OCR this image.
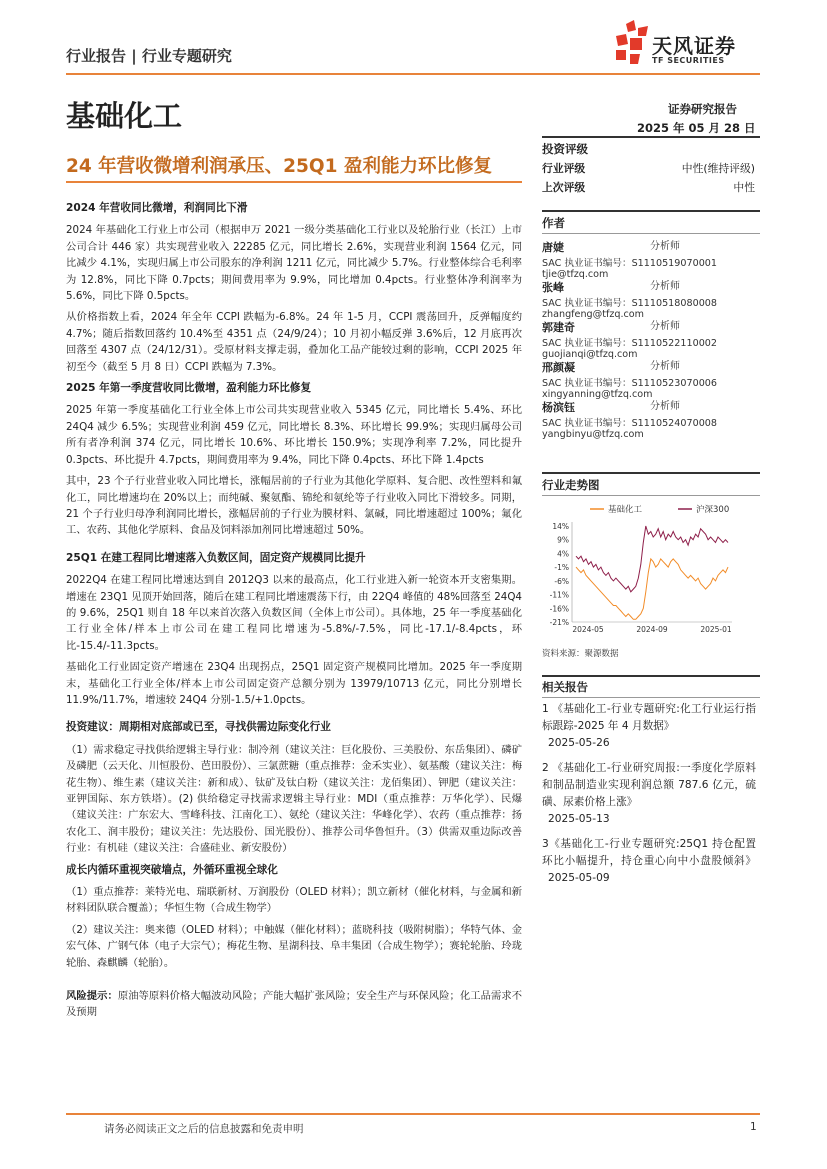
行业报告 | 行业专题研究	天风证券
TF SECURITIES
基础化工	证券研究报告
2025 年 05 月 28 日
24 年营收微增利润承压、25Q1 盈利能力环比修复
2024 年营收同比微增，利润同比下滑

2024 年基础化工行业上市公司（根据申万 2021 一级分类基础化工行业以及轮胎行业（长江）上市公司合计 446 家）共实现营业收入 22285 亿元，同比增长 2.6%，实现营业利润 1564 亿元，同比减少 4.1%，实现归属上市公司股东的净利润 1211 亿元，同比减少 5.7%。行业整体综合毛利率为 12.8%，同比下降 0.7pcts；期间费用率为 9.9%，同比增加 0.4pcts。行业整体净利润率为 5.6%，同比下降 0.5pcts。

从价格指数上看，2024 年全年 CCPI 跌幅为-6.8%。24 年 1-5 月，CCPI 震荡回升，反弹幅度约 4.7%；随后指数回落约 10.4%至 4351 点（24/9/24）；10 月初小幅反弹 3.6%后，12 月底再次回落至 4307 点（24/12/31）。受原材料支撑走弱，叠加化工品产能较过剩的影响，CCPI 2025 年初至今（截至 5 月 8 日）CCPI 跌幅为 7.3%。

2025 年第一季度营收同比微增，盈利能力环比修复

2025 年第一季度基础化工行业全体上市公司共实现营业收入 5345 亿元，同比增长 5.4%、环比 24Q4 减少 6.5%；实现营业利润 459 亿元，同比增长 8.3%、环比增长 99.9%；实现归属母公司所有者净利润 374 亿元，同比增长 10.6%、环比增长 150.9%；实现净利率 7.2%，同比提升 0.3pcts、环比提升 4.7pcts，期间费用率为 9.4%，同比下降 0.4pcts、环比下降 1.4pcts

其中，23 个子行业营业收入同比增长，涨幅居前的子行业为其他化学原料、复合肥、改性塑料和氟化工，同比增速均在 20%以上；而纯碱、聚氨酯、锦纶和氨纶等子行业收入同比下滑较多。同期，21 个子行业归母净利润同比增长，涨幅居前的子行业为膜材料、氯碱，同比增速超过 100%；氟化工、农药、其他化学原料、食品及饲料添加剂同比增速超过 50%。

25Q1 在建工程同比增速落入负数区间，固定资产规模同比提升

2022Q4 在建工程同比增速达到自 2012Q3 以来的最高点，化工行业进入新一轮资本开支密集期。增速在 23Q1 见顶开始回落，随后在建工程同比增速震荡下行，由 22Q4 峰值的 48%回落至 24Q4 的 9.6%，25Q1 则自 18 年以来首次落入负数区间（全体上市公司）。具体地，25 年一季度基础化工行业全体/样本上市公司在建工程同比增速为-5.8%/-7.5%，同比-17.1/-8.4pcts，环比-15.4/-11.3pcts。

基础化工行业固定资产增速在 23Q4 出现拐点，25Q1 固定资产规模同比增加。2025 年一季度期末，基础化工行业全体/样本上市公司固定资产总额分别为 13979/10713 亿元，同比分别增长 11.9%/11.7%，增速较 24Q4 分别-1.5/+1.0pcts。

投资建议：周期相对底部或已至，寻找供需边际变化行业

（1）需求稳定寻找供给逻辑主导行业：制冷剂（建议关注：巨化股份、三美股份、东岳集团）、磷矿及磷肥（云天化、川恒股份、芭田股份）、三氯蔗糖（重点推荐：金禾实业）、氨基酸（建议关注：梅花生物）、维生素（建议关注：新和成）、钛矿及钛白粉（建议关注：龙佰集团）、钾肥（建议关注：亚钾国际、东方铁塔）。(2) 供给稳定寻找需求逻辑主导行业：MDI（重点推荐：万华化学）、民爆（建议关注：广东宏大、雪峰科技、江南化工）、氨纶（建议关注：华峰化学）、农药（重点推荐：扬农化工、润丰股份；建议关注：先达股份、国光股份）、推荐公司华鲁恒升。（3）供需双重边际改善行业：有机硅（建议关注：合盛硅业、新安股份）

成长内循环重视突破墙点，外循环重视全球化

（1）重点推荐：莱特光电、瑞联新材、万润股份（OLED 材料）；凯立新材（催化材料，与金属和新材料团队联合覆盖）；华恒生物（合成生物学）

（2）建议关注：奥来德（OLED 材料）；中触媒（催化材料）；蓝晓科技（吸附树脂）；华特气体、金宏气体、广钢气体（电子大宗气）；梅花生物、星湖科技、阜丰集团（合成生物学）；赛轮轮胎、玲珑轮胎、森麒麟（轮胎）。

风险提示：原油等原料价格大幅波动风险；产能大幅扩张风险；安全生产与环保风险；化工品需求不及预期

投资评级
行业评级	中性(维持评级)
上次评级	中性
作者
唐婕	分析师
SAC 执业证书编号：S1110519070001
tjie@tfzq.com
张峰	分析师
SAC 执业证书编号：S1110518080008
zhangfeng@tfzq.com
郭建奇	分析师
SAC 执业证书编号：S1110522110002
guojianqi@tfzq.com
邢颜凝	分析师
SAC 执业证书编号：S1110523070006
xingyanning@tfzq.com
杨滨钰	分析师
SAC 执业证书编号：S1110524070008
yangbinyu@tfzq.com
行业走势图
基础化工	沪深300
14%
9%
4%
-1%
-6%
-11%
-16%
-21%
2024-05	2024-09	2025-01
资料来源：聚源数据
相关报告
1 《基础化工-行业专题研究:化工行业运行指标跟踪-2025 年 4 月数据》
2025-05-26
2 《基础化工-行业研究周报:一季度化学原料和制品制造业实现利润总额 787.6 亿元，硫磺、尿素价格上涨》
2025-05-13
3《基础化工-行业专题研究:25Q1 持仓配置环比小幅提升，持仓重心向中小盘股倾斜》 2025-05-09
请务必阅读正文之后的信息披露和免责申明	1
